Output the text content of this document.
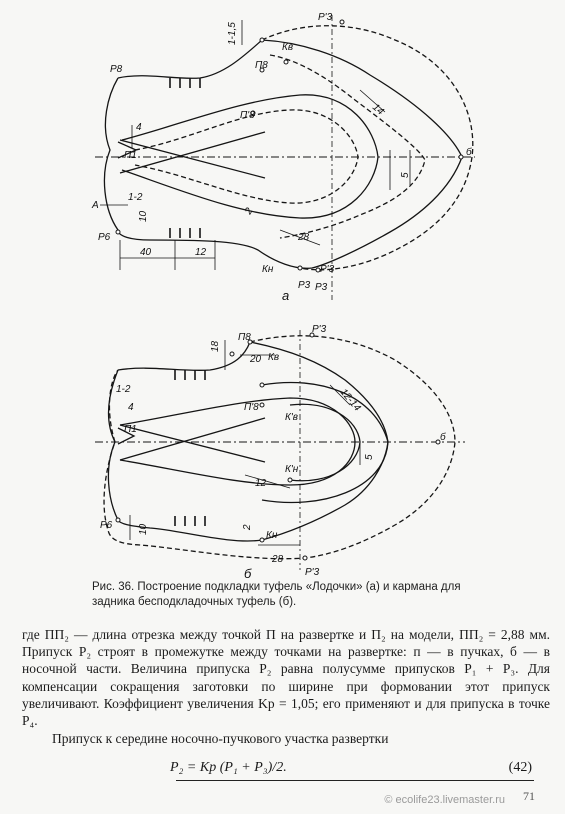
Р'3
Р3
Р3
Р'3
1-1,5
Кв
Кн
П8
П'8
П1
Р8
Р6
А
1-2
4
10
40	12
14
28
2
5
б
а
Р'3
Р'3
18
20 Кв
К'в
К'н
Кн
П8
П'8
П1
Р6
1-2
4	12-14
12
2
28
5
10
б
б
Рис. 36. Построение подкладки туфель «Лодочки» (а) и кармана для задника бесподкладочных туфель (б).

где ПП₂ — длина отрезка между точкой П на развертке и П₂ на модели, ПП₂ = 2,88 мм. Припуск P₂ строят в промежутке между точками на развертке: п — в пучках, б — в носочной части. Величина припуска P₂ равна полусумме припусков P₁ + P₃. Для компенсации сокращения заготовки по ширине при формовании этот припуск увеличивают. Коэффициент увеличения Kр = 1,05; его применяют и для припуска в точке P₄.

Припуск к середине носочно-пучкового участка развертки

P₂ = Kр (P₁ + P₃)/2.	(42)
71
© ecolife23.livemaster.ru
